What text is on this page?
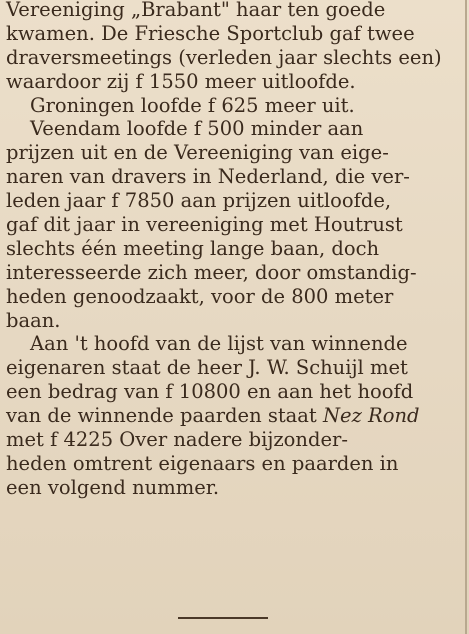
Vereeniging „Brabant" haar ten goede
kwamen. De Friesche Sportclub gaf twee
draversmeetings (verleden jaar slechts een)
waardoor zij f 1550 meer uitloofde.
Groningen loofde f 625 meer uit.
Veendam loofde f 500 minder aan
prijzen uit en de Vereeniging van eige-
naren van dravers in Nederland, die ver-
leden jaar f 7850 aan prijzen uitloofde,
gaf dit jaar in vereeniging met Houtrust
slechts één meeting lange baan, doch
interesseerde zich meer, door omstandig-
heden genoodzaakt, voor de 800 meter
baan.
Aan 't hoofd van de lijst van winnende
eigenaren staat de heer J. W. Schuijl met
een bedrag van f 10800 en aan het hoofd
van de winnende paarden staat Nez Rond
met f 4225 Over nadere bijzonder-
heden omtrent eigenaars en paarden in
een volgend nummer.
